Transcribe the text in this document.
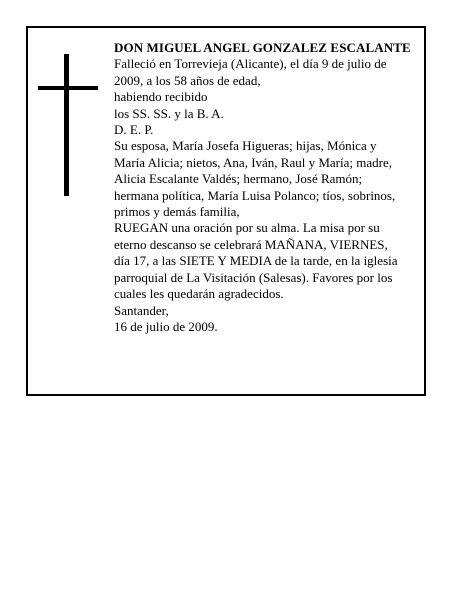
DON MIGUEL ANGEL GONZALEZ ESCALANTE
Falleció en Torrevieja (Alicante), el día 9 de julio de
2009, a los 58 años de edad,
habiendo recibido
los SS. SS. y la B. A.
D. E. P.
Su esposa, María Josefa Higueras; hijas, Mónica y
María Alicia; nietos, Ana, Iván, Raul y María; madre,
Alicia Escalante Valdés; hermano, José Ramón;
hermana política, María Luisa Polanco; tíos, sobrinos,
primos y demás familia,
RUEGAN una oración por su alma. La misa por su
eterno descanso se celebrará MAÑANA, VIERNES,
día 17, a las SIETE Y MEDIA de la tarde, en la iglesia
parroquial de La Visitación (Salesas). Favores por los
cuales les quedarán agradecidos.
Santander,
16 de julio de 2009.
